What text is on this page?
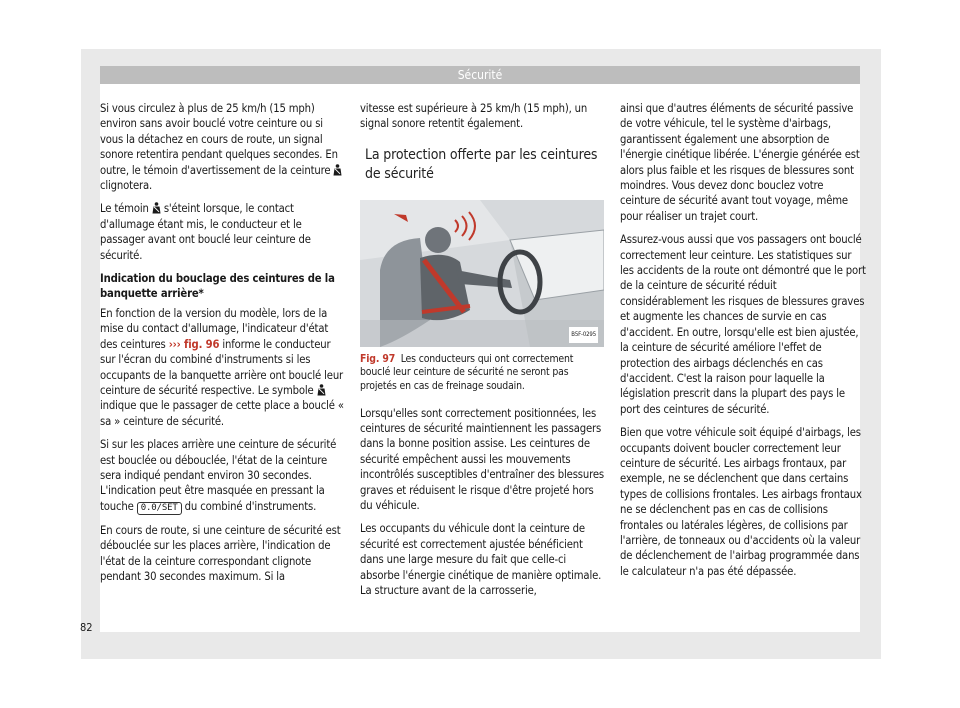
Sécurité

Si vous circulez à plus de 25 km/h (15 mph) environ sans avoir bouclé votre ceinture ou si vous la détachez en cours de route, un signal sonore retentira pendant quelques secondes. En outre, le témoin d'avertissement de la ceinture  clignotera.

Le témoin  s'éteint lorsque, le contact d'allumage étant mis, le conducteur et le passager avant ont bouclé leur ceinture de sécurité.

Indication du bouclage des ceintures de la banquette arrière*

En fonction de la version du modèle, lors de la mise du contact d'allumage, l'indicateur d'état des ceintures ››› fig. 96 informe le conducteur sur l'écran du combiné d'instruments si les occupants de la banquette arrière ont bouclé leur ceinture de sécurité respective. Le symbole  indique que le passager de cette place a bouclé « sa » ceinture de sécurité.

Si sur les places arrière une ceinture de sécurité est bouclée ou débouclée, l'état de la ceinture sera indiqué pendant environ 30 secondes. L'indication peut être masquée en pressant la touche 0.0/SET du combiné d'instruments.

En cours de route, si une ceinture de sécurité est débouclée sur les places arrière, l'indication de l'état de la ceinture correspondant clignote pendant 30 secondes maximum. Si la

vitesse est supérieure à 25 km/h (15 mph), un signal sonore retentit également.

La protection offerte par les ceintures de sécurité

B5F-0295

Fig. 97 Les conducteurs qui ont correctement bouclé leur ceinture de sécurité ne seront pas projetés en cas de freinage soudain.

Lorsqu'elles sont correctement positionnées, les ceintures de sécurité maintiennent les passagers dans la bonne position assise. Les ceintures de sécurité empêchent aussi les mouvements incontrôlés susceptibles d'entraîner des blessures graves et réduisent le risque d'être projeté hors du véhicule.

Les occupants du véhicule dont la ceinture de sécurité est correctement ajustée bénéficient dans une large mesure du fait que celle-ci absorbe l'énergie cinétique de manière optimale. La structure avant de la carrosserie,

ainsi que d'autres éléments de sécurité passive de votre véhicule, tel le système d'airbags, garantissent également une absorption de l'énergie cinétique libérée. L'énergie générée est alors plus faible et les risques de blessures sont moindres. Vous devez donc bouclez votre ceinture de sécurité avant tout voyage, même pour réaliser un trajet court.

Assurez-vous aussi que vos passagers ont bouclé correctement leur ceinture. Les statistiques sur les accidents de la route ont démontré que le port de la ceinture de sécurité réduit considérablement les risques de blessures graves et augmente les chances de survie en cas d'accident. En outre, lorsqu'elle est bien ajustée, la ceinture de sécurité améliore l'effet de protection des airbags déclenchés en cas d'accident. C'est la raison pour laquelle la législation prescrit dans la plupart des pays le port des ceintures de sécurité.

Bien que votre véhicule soit équipé d'airbags, les occupants doivent boucler correctement leur ceinture de sécurité. Les airbags frontaux, par exemple, ne se déclenchent que dans certains types de collisions frontales. Les airbags frontaux ne se déclenchent pas en cas de collisions frontales ou latérales légères, de collisions par l'arrière, de tonneaux ou d'accidents où la valeur de déclenchement de l'airbag programmée dans le calculateur n'a pas été dépassée.

82
